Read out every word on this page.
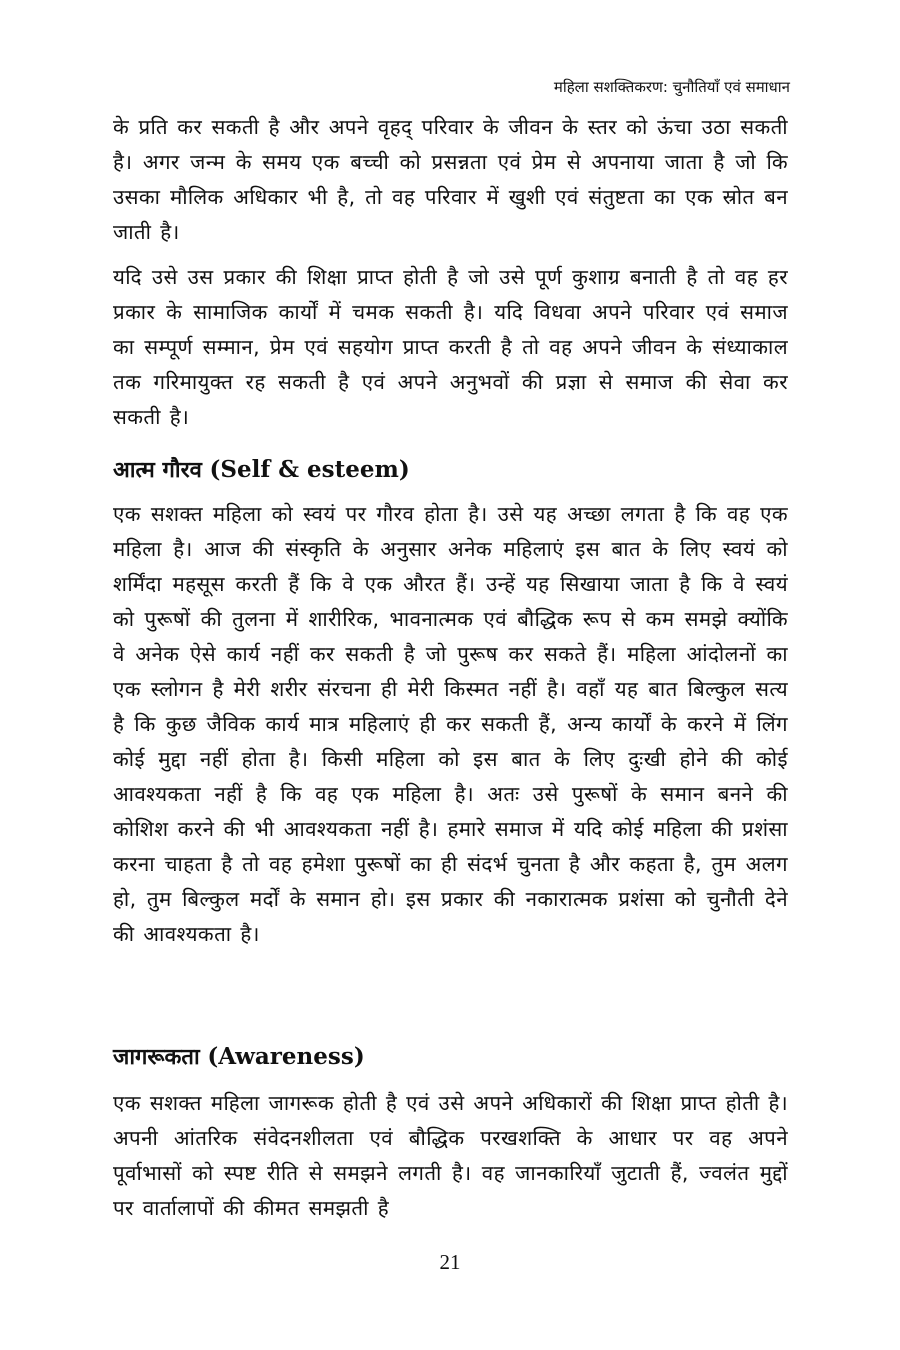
महिला सशक्तिकरण: चुनौतियाँ एवं समाधान

के प्रति कर सकती है और अपने वृहद् परिवार के जीवन के स्तर को ऊंचा उठा सकती है। अगर जन्म के समय एक बच्ची को प्रसन्नता एवं प्रेम से अपनाया जाता है जो कि उसका मौलिक अधिकार भी है, तो वह परिवार में खुशी एवं संतुष्टता का एक स्रोत बन जाती है।

यदि उसे उस प्रकार की शिक्षा प्राप्त होती है जो उसे पूर्ण कुशाग्र बनाती है तो वह हर प्रकार के सामाजिक कार्यों में चमक सकती है। यदि विधवा अपने परिवार एवं समाज का सम्पूर्ण सम्मान, प्रेम एवं सहयोग प्राप्त करती है तो वह अपने जीवन के संध्याकाल तक गरिमायुक्त रह सकती है एवं अपने अनुभवों की प्रज्ञा से समाज की सेवा कर सकती है।

आत्म गौरव (Self & esteem)

एक सशक्त महिला को स्वयं पर गौरव होता है। उसे यह अच्छा लगता है कि वह एक महिला है। आज की संस्कृति के अनुसार अनेक महिलाएं इस बात के लिए स्वयं को शर्मिंदा महसूस करती हैं कि वे एक औरत हैं। उन्हें यह सिखाया जाता है कि वे स्वयं को पुरूषों की तुलना में शारीरिक, भावनात्मक एवं बौद्धिक रूप से कम समझे क्योंकि वे अनेक ऐसे कार्य नहीं कर सकती है जो पुरूष कर सकते हैं। महिला आंदोलनों का एक स्लोगन है मेरी शरीर संरचना ही मेरी किस्मत नहीं है। वहाँ यह बात बिल्कुल सत्य है कि कुछ जैविक कार्य मात्र महिलाएं ही कर सकती हैं, अन्य कार्यों के करने में लिंग कोई मुद्दा नहीं होता है। किसी महिला को इस बात के लिए दुःखी होने की कोई आवश्यकता नहीं है कि वह एक महिला है। अतः उसे पुरूषों के समान बनने की कोशिश करने की भी आवश्यकता नहीं है। हमारे समाज में यदि कोई महिला की प्रशंसा करना चाहता है तो वह हमेशा पुरूषों का ही संदर्भ चुनता है और कहता है, तुम अलग हो, तुम बिल्कुल मर्दों के समान हो। इस प्रकार की नकारात्मक प्रशंसा को चुनौती देने की आवश्यकता है।

जागरूकता (Awareness)

एक सशक्त महिला जागरूक होती है एवं उसे अपने अधिकारों की शिक्षा प्राप्त होती है। अपनी आंतरिक संवेदनशीलता एवं बौद्धिक परखशक्ति के आधार पर वह अपने पूर्वाभासों को स्पष्ट रीति से समझने लगती है। वह जानकारियाँ जुटाती हैं, ज्वलंत मुद्दों पर वार्तालापों की कीमत समझती है

21
